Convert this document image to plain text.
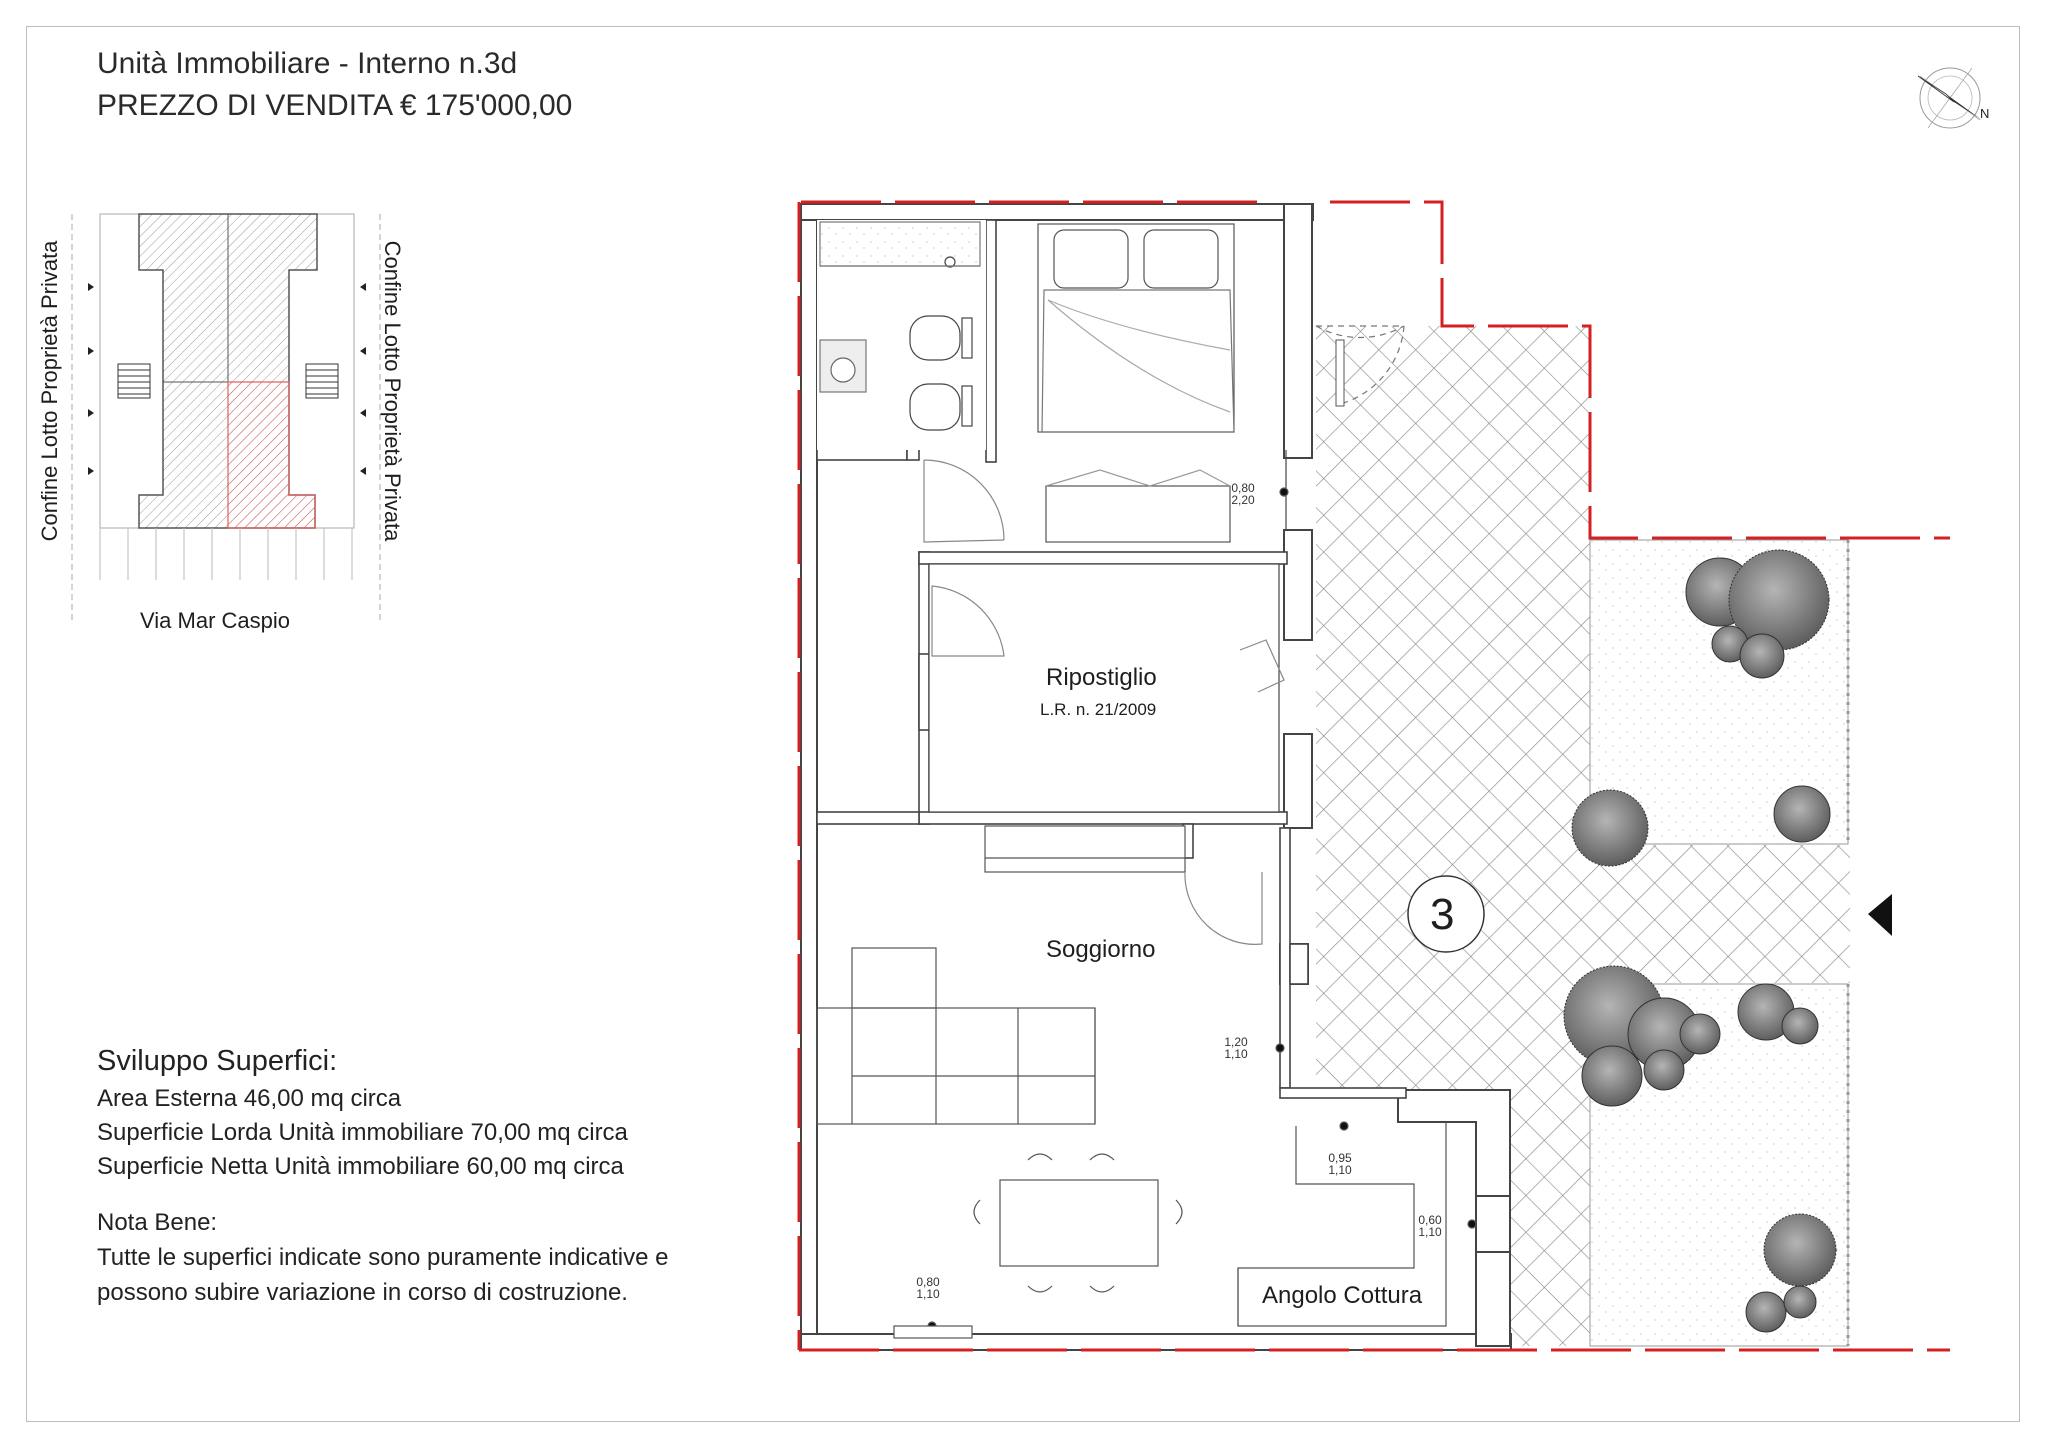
Unità Immobiliare - Interno n.3d
PREZZO DI VENDITA € 175'000,00	N
Confine Lotto Proprietà Privata	Confine Lotto Proprietà Privata
Via Mar Caspio
Ripostiglio
L.R. n. 21/2009
Soggiorno
Angolo Cottura
3
0,80
2,20
1,20
1,10
0,95
1,10
0,60
1,10
0,80
1,10
Sviluppo Superfici:
Area Esterna 46,00 mq circa
Superficie Lorda Unità immobiliare 70,00 mq circa
Superficie Netta Unità immobiliare 60,00 mq circa
Nota Bene:
Tutte le superfici indicate sono puramente indicative e possono subire variazione in corso di costruzione.
